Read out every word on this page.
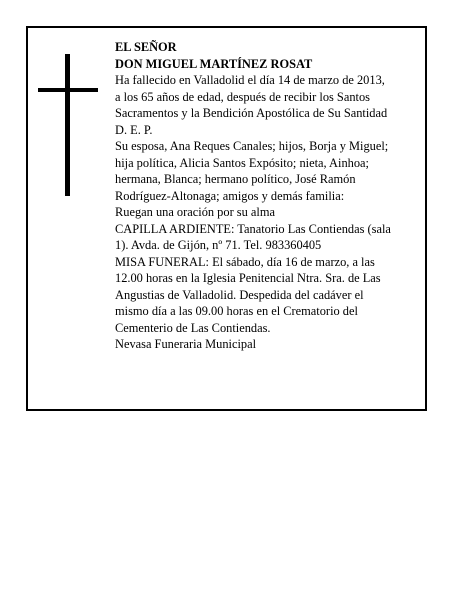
EL SEÑOR
DON MIGUEL MARTÍNEZ ROSAT
Ha fallecido en Valladolid el día 14 de marzo de 2013,
a los 65 años de edad, después de recibir los Santos
Sacramentos y la Bendición Apostólica de Su Santidad
D. E. P.
Su esposa, Ana Reques Canales; hijos, Borja y Miguel;
hija política, Alicia Santos Expósito; nieta, Ainhoa;
hermana, Blanca; hermano político, José Ramón
Rodríguez-Altonaga; amigos y demás familia:
Ruegan una oración por su alma
CAPILLA ARDIENTE: Tanatorio Las Contiendas (sala
1). Avda. de Gijón, nº 71. Tel. 983360405
MISA FUNERAL: El sábado, día 16 de marzo, a las
12.00 horas en la Iglesia Penitencial Ntra. Sra. de Las
Angustias de Valladolid. Despedida del cadáver el
mismo día a las 09.00 horas en el Crematorio del
Cementerio de Las Contiendas.
Nevasa Funeraria Municipal
